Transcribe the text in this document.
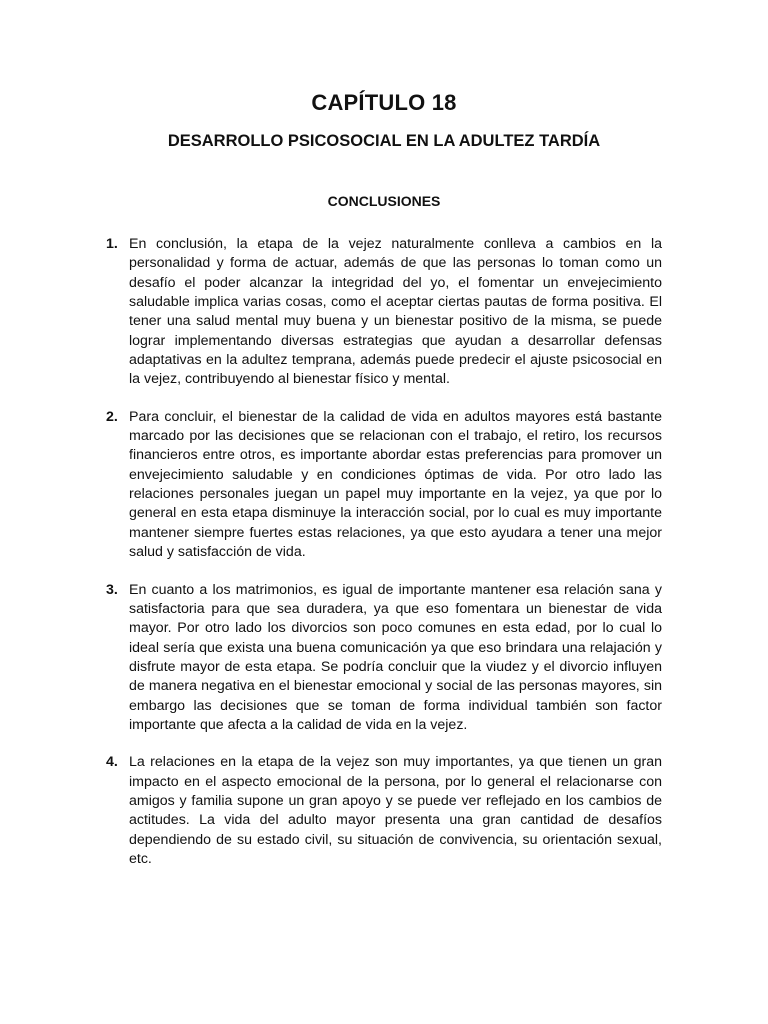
CAPÍTULO 18
DESARROLLO PSICOSOCIAL EN LA ADULTEZ TARDÍA
CONCLUSIONES
1. En conclusión, la etapa de la vejez naturalmente conlleva a cambios en la personalidad y forma de actuar, además de que las personas lo toman como un desafío el poder alcanzar la integridad del yo, el fomentar un envejecimiento saludable implica varias cosas, como el aceptar ciertas pautas de forma positiva. El tener una salud mental muy buena y un bienestar positivo de la misma, se puede lograr implementando diversas estrategias que ayudan a desarrollar defensas adaptativas en la adultez temprana, además puede predecir el ajuste psicosocial en la vejez, contribuyendo al bienestar físico y mental.
2. Para concluir, el bienestar de la calidad de vida en adultos mayores está bastante marcado por las decisiones que se relacionan con el trabajo, el retiro, los recursos financieros entre otros, es importante abordar estas preferencias para promover un envejecimiento saludable y en condiciones óptimas de vida. Por otro lado las relaciones personales juegan un papel muy importante en la vejez, ya que por lo general en esta etapa disminuye la interacción social, por lo cual es muy importante mantener siempre fuertes estas relaciones, ya que esto ayudara a tener una mejor salud y satisfacción de vida.
3. En cuanto a los matrimonios, es igual de importante mantener esa relación sana y satisfactoria para que sea duradera, ya que eso fomentara un bienestar de vida mayor. Por otro lado los divorcios son poco comunes en esta edad, por lo cual lo ideal sería que exista una buena comunicación ya que eso brindara una relajación y disfrute mayor de esta etapa. Se podría concluir que la viudez y el divorcio influyen de manera negativa en el bienestar emocional y social de las personas mayores, sin embargo las decisiones que se toman de forma individual también son factor importante que afecta a la calidad de vida en la vejez.
4. La relaciones en la etapa de la vejez son muy importantes, ya que tienen un gran impacto en el aspecto emocional de la persona, por lo general el relacionarse con amigos y familia supone un gran apoyo y se puede ver reflejado en los cambios de actitudes. La vida del adulto mayor presenta una gran cantidad de desafíos dependiendo de su estado civil, su situación de convivencia, su orientación sexual, etc.
